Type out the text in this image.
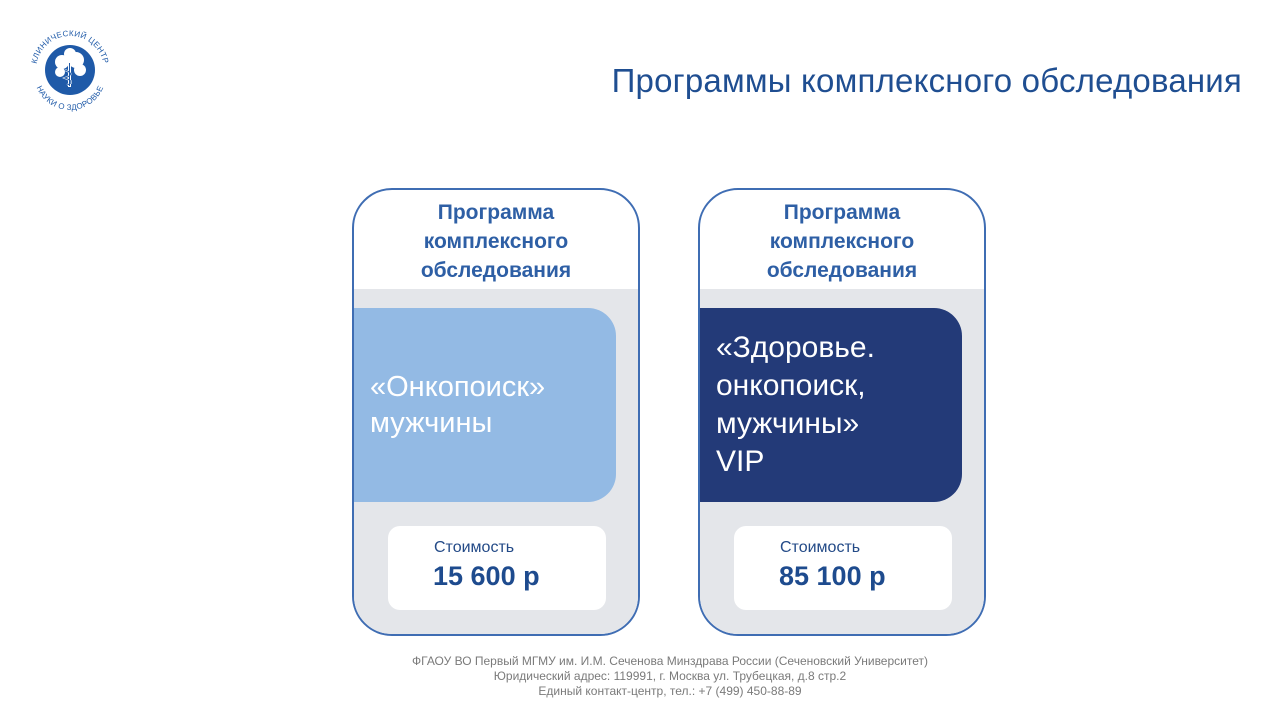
КЛИНИЧЕСКИЙ ЦЕНТР
НАУКИ О ЗДОРОВЬЕ	Программы комплексного обследования
Программа
комплексного
обследования
«Онкопоиск»
мужчины
Стоимость
15 600 р
Программа
комплексного
обследования
«Здоровье.
онкопоиск,
мужчины»
VIP
Стоимость
85 100 р
ФГАОУ ВО Первый МГМУ им. И.М. Сеченова Минздрава России (Сеченовский Университет)
Юридический адрес: 119991, г. Москва ул. Трубецкая, д.8 стр.2
Единый контакт-центр, тел.: +7 (499) 450-88-89
